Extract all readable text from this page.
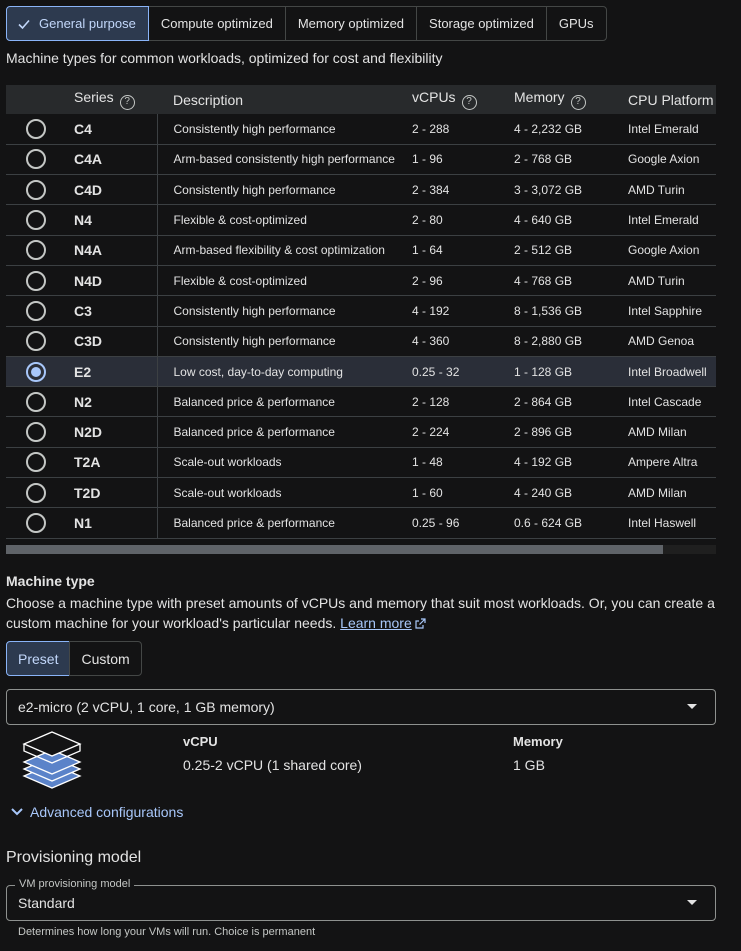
General purpose Compute optimized Memory optimized Storage optimized GPUs
Machine types for common workloads, optimized for cost and flexibility
	Series ?	Description	vCPUs ?	Memory ?	CPU Platform

	C4	Consistently high performance	2 - 288	4 - 2,232 GB	Intel Emerald

	C4A	Arm-based consistently high performance	1 - 96	2 - 768 GB	Google Axion

	C4D	Consistently high performance	2 - 384	3 - 3,072 GB	AMD Turin

	N4	Flexible & cost-optimized	2 - 80	4 - 640 GB	Intel Emerald

	N4A	Arm-based flexibility & cost optimization	1 - 64	2 - 512 GB	Google Axion

	N4D	Flexible & cost-optimized	2 - 96	4 - 768 GB	AMD Turin

	C3	Consistently high performance	4 - 192	8 - 1,536 GB	Intel Sapphire

	C3D	Consistently high performance	4 - 360	8 - 2,880 GB	AMD Genoa

	E2	Low cost, day-to-day computing	0.25 - 32	1 - 128 GB	Intel Broadwell

	N2	Balanced price & performance	2 - 128	2 - 864 GB	Intel Cascade

	N2D	Balanced price & performance	2 - 224	2 - 896 GB	AMD Milan

	T2A	Scale-out workloads	1 - 48	4 - 192 GB	Ampere Altra

	T2D	Scale-out workloads	1 - 60	4 - 240 GB	AMD Milan

	N1	Balanced price & performance	0.25 - 96	0.6 - 624 GB	Intel Haswell
Machine type
Choose a machine type with preset amounts of vCPUs and memory that suit most workloads. Or, you can create a custom machine for your workload's particular needs. Learn more
Preset	Custom
e2-micro (2 vCPU, 1 core, 1 GB memory)
vCPU
0.25-2 vCPU (1 shared core)
Memory
1 GB
Advanced configurations
Provisioning model
VM provisioning model
Standard
Determines how long your VMs will run. Choice is permanent
